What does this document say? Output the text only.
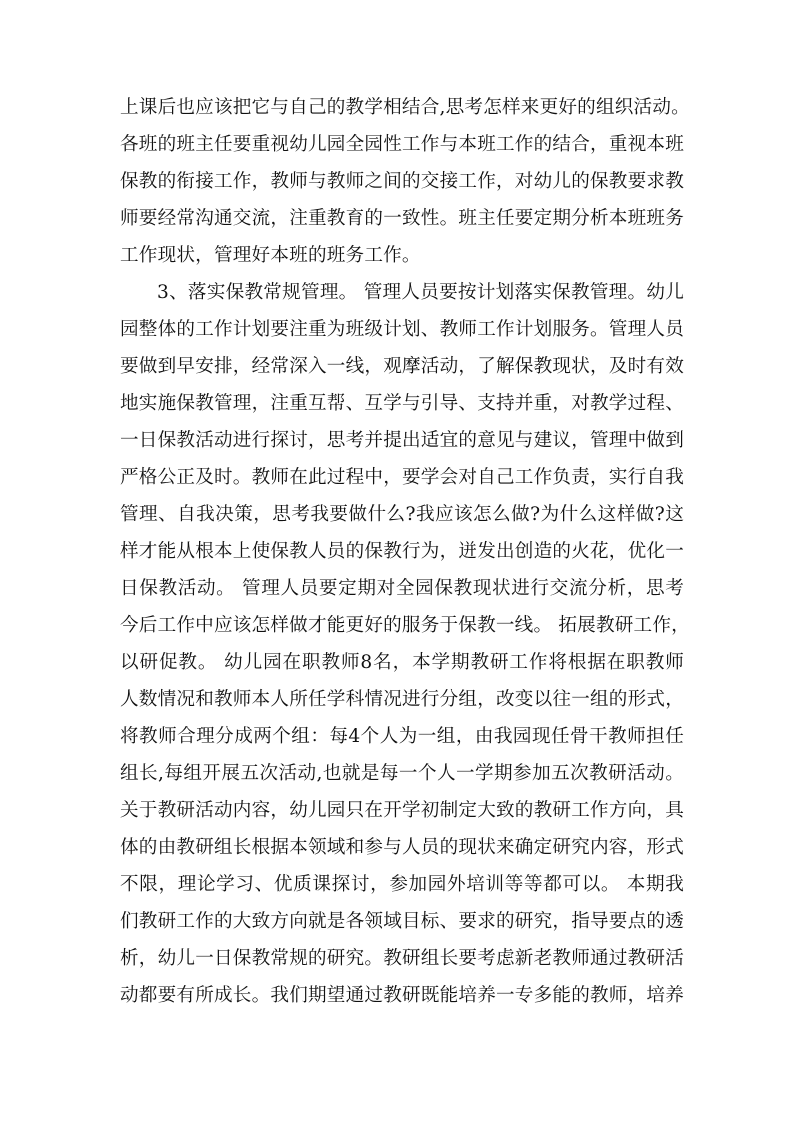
上课后也应该把它与自己的教学相结合,思考怎样来更好的组织活动。
各班的班主任要重视幼儿园全园性工作与本班工作的结合，重视本班
保教的衔接工作，教师与教师之间的交接工作，对幼儿的保教要求教
师要经常沟通交流，注重教育的一致性。班主任要定期分析本班班务
工作现状，管理好本班的班务工作。
3、落实保教常规管理。 管理人员要按计划落实保教管理。幼儿
园整体的工作计划要注重为班级计划、教师工作计划服务。管理人员
要做到早安排，经常深入一线，观摩活动，了解保教现状，及时有效
地实施保教管理，注重互帮、互学与引导、支持并重，对教学过程、
一日保教活动进行探讨，思考并提出适宜的意见与建议，管理中做到
严格公正及时。教师在此过程中，要学会对自己工作负责，实行自我
管理、自我决策，思考我要做什么?我应该怎么做?为什么这样做?这
样才能从根本上使保教人员的保教行为，迸发出创造的火花，优化一
日保教活动。 管理人员要定期对全园保教现状进行交流分析，思考
今后工作中应该怎样做才能更好的服务于保教一线。 拓展教研工作，
以研促教。 幼儿园在职教师8名，本学期教研工作将根据在职教师
人数情况和教师本人所任学科情况进行分组，改变以往一组的形式，
将教师合理分成两个组：每4个人为一组，由我园现任骨干教师担任
组长,每组开展五次活动,也就是每一个人一学期参加五次教研活动。
关于教研活动内容，幼儿园只在开学初制定大致的教研工作方向，具
体的由教研组长根据本领域和参与人员的现状来确定研究内容，形式
不限，理论学习、优质课探讨，参加园外培训等等都可以。 本期我
们教研工作的大致方向就是各领域目标、要求的研究，指导要点的透
析，幼儿一日保教常规的研究。教研组长要考虑新老教师通过教研活
动都要有所成长。我们期望通过教研既能培养一专多能的教师，培养
